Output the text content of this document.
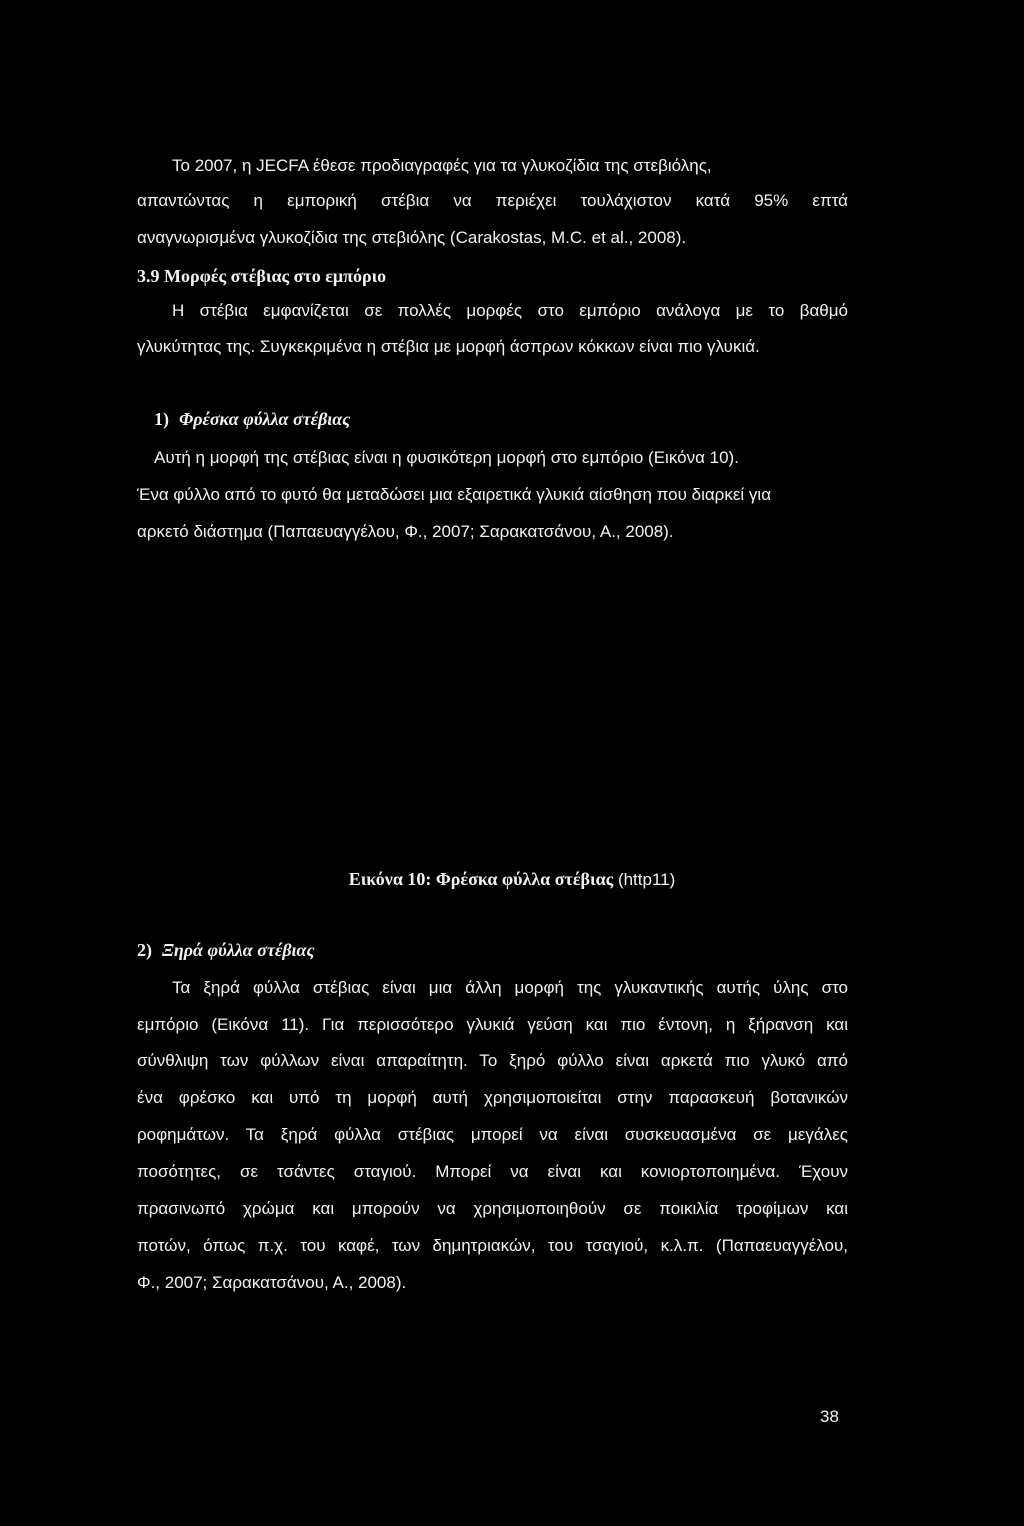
Το 2007, η JECFA έθεσε προδιαγραφές για τα γλυκοζίδια της στεβιόλης,
απαντώντας η εμπορική στέβια να περιέχει τουλάχιστον κατά 95% επτά
αναγνωρισμένα γλυκοζίδια της στεβιόλης (Carakostas, M.C. et al., 2008).
3.9 Μορφές στέβιας στο εμπόριο
Η στέβια εμφανίζεται σε πολλές μορφές στο εμπόριο ανάλογα με το βαθμό
γλυκύτητας της. Συγκεκριμένα η στέβια με μορφή άσπρων κόκκων είναι πιο γλυκιά.
1) Φρέσκα φύλλα στέβιας
Αυτή η μορφή της στέβιας είναι η φυσικότερη μορφή στο εμπόριο (Εικόνα 10).
Ένα φύλλο από το φυτό θα μεταδώσει μια εξαιρετικά γλυκιά αίσθηση που διαρκεί για
αρκετό διάστημα (Παπαευαγγέλου, Φ., 2007; Σαρακατσάνου, Α., 2008).
Εικόνα 10: Φρέσκα φύλλα στέβιας (http11)
2) Ξηρά φύλλα στέβιας
Τα ξηρά φύλλα στέβιας είναι μια άλλη μορφή της γλυκαντικής αυτής ύλης στο
εμπόριο (Εικόνα 11). Για περισσότερο γλυκιά γεύση και πιο έντονη, η ξήρανση και
σύνθλιψη των φύλλων είναι απαραίτητη. Το ξηρό φύλλο είναι αρκετά πιο γλυκό από
ένα φρέσκο και υπό τη μορφή αυτή χρησιμοποιείται στην παρασκευή βοτανικών
ροφημάτων. Τα ξηρά φύλλα στέβιας μπορεί να είναι συσκευασμένα σε μεγάλες
ποσότητες, σε τσάντες σταγιού. Μπορεί να είναι και κονιορτοποιημένα. Έχουν
πρασινωπό χρώμα και μπορούν να χρησιμοποιηθούν σε ποικιλία τροφίμων και
ποτών, όπως π.χ. του καφέ, των δημητριακών, του τσαγιού, κ.λ.π. (Παπαευαγγέλου,
Φ., 2007; Σαρακατσάνου, Α., 2008).
38
